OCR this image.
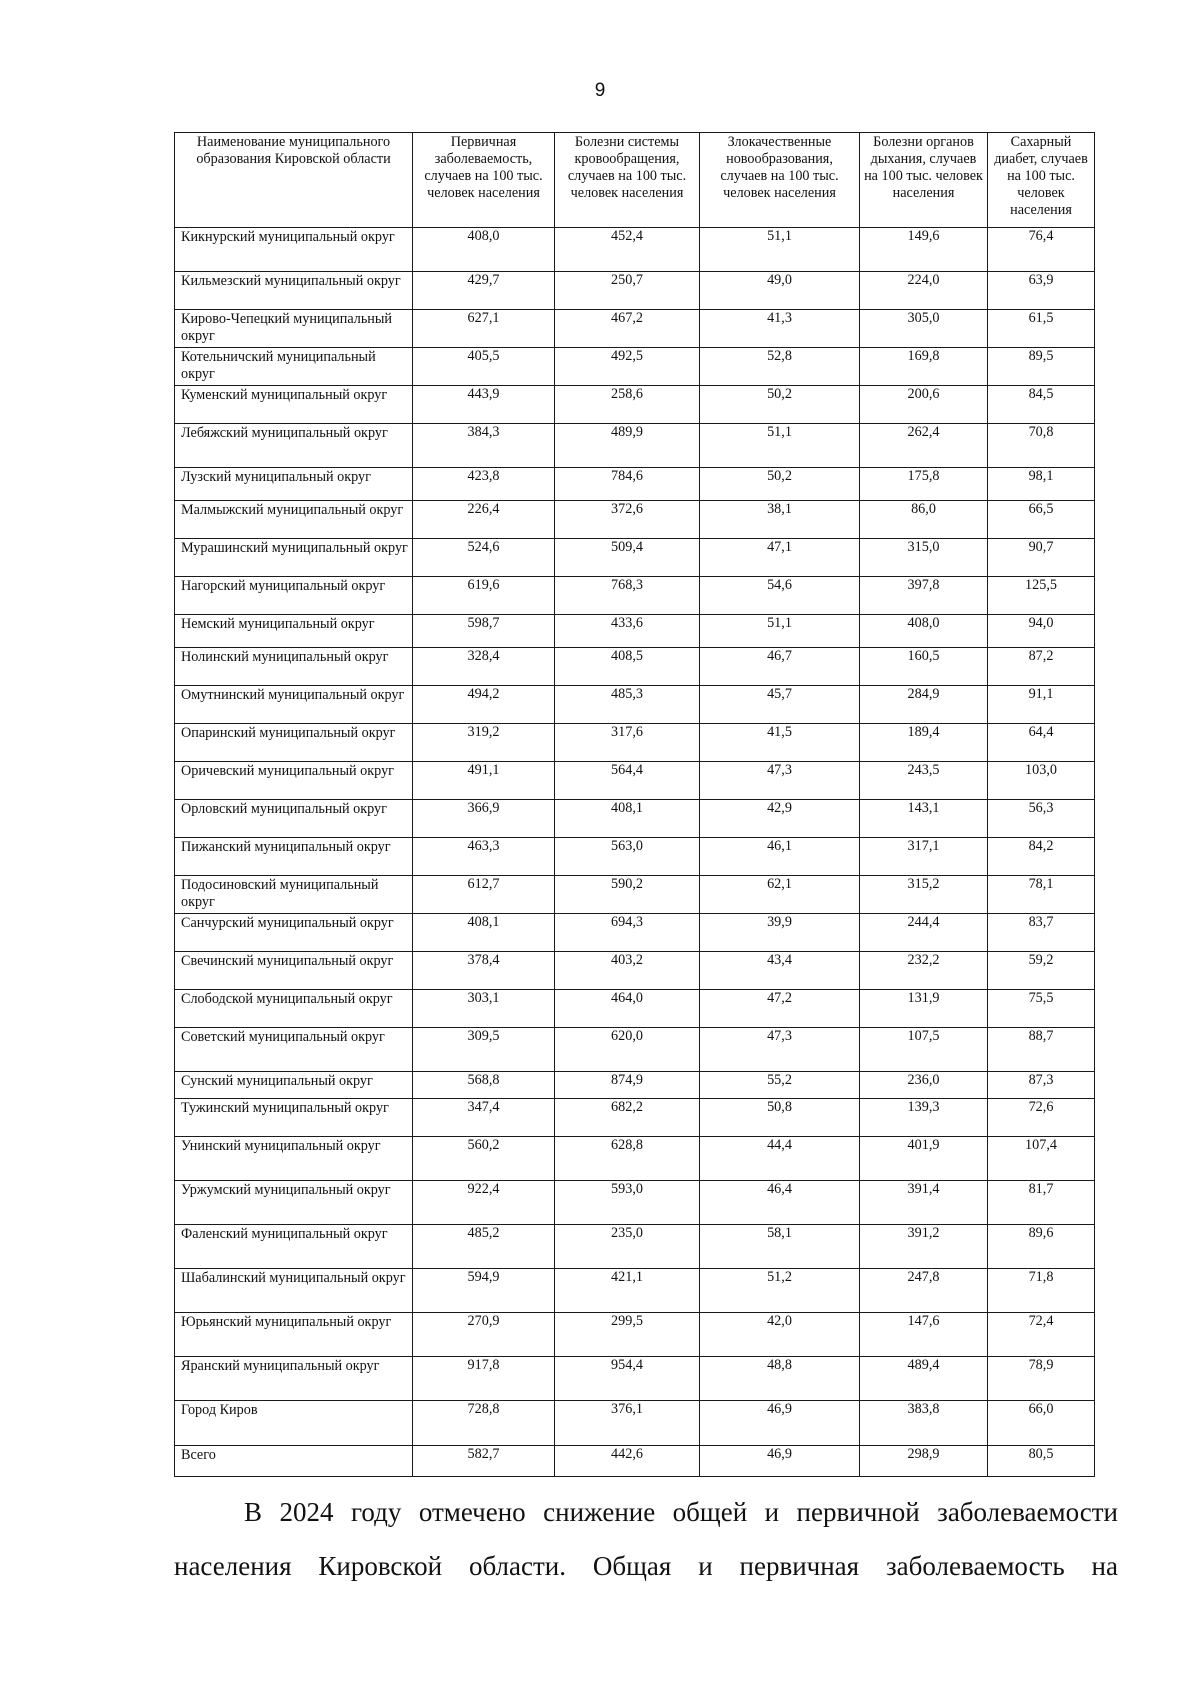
9
Наименование муниципального образования Кировской области	Первичная заболеваемость, случаев на 100 тыс. человек населения	Болезни системы кровообращения, случаев на 100 тыс. человек населения	Злокачественные новообразования, случаев на 100 тыс. человек населения	Болезни органов дыхания, случаев на 100 тыс. человек населения	Сахарный диабет, случаев на 100 тыс. человек населения
Кикнурский муниципальный округ	408,0	452,4	51,1	149,6	76,4
Кильмезский муниципальный округ	429,7	250,7	49,0	224,0	63,9
Кирово-Чепецкий муниципальный округ	627,1	467,2	41,3	305,0	61,5
Котельничский муниципальный округ	405,5	492,5	52,8	169,8	89,5
Куменский муниципальный округ	443,9	258,6	50,2	200,6	84,5
Лебяжский муниципальный округ	384,3	489,9	51,1	262,4	70,8
Лузский муниципальный округ	423,8	784,6	50,2	175,8	98,1
Малмыжский муниципальный округ	226,4	372,6	38,1	86,0	66,5
Мурашинский муниципальный округ	524,6	509,4	47,1	315,0	90,7
Нагорский муниципальный округ	619,6	768,3	54,6	397,8	125,5
Немский муниципальный округ	598,7	433,6	51,1	408,0	94,0
Нолинский муниципальный округ	328,4	408,5	46,7	160,5	87,2
Омутнинский муниципальный округ	494,2	485,3	45,7	284,9	91,1
Опаринский муниципальный округ	319,2	317,6	41,5	189,4	64,4
Оричевский муниципальный округ	491,1	564,4	47,3	243,5	103,0
Орловский муниципальный округ	366,9	408,1	42,9	143,1	56,3
Пижанский муниципальный округ	463,3	563,0	46,1	317,1	84,2
Подосиновский муниципальный округ	612,7	590,2	62,1	315,2	78,1
Санчурский муниципальный округ	408,1	694,3	39,9	244,4	83,7
Свечинский муниципальный округ	378,4	403,2	43,4	232,2	59,2
Слободской муниципальный округ	303,1	464,0	47,2	131,9	75,5
Советский муниципальный округ	309,5	620,0	47,3	107,5	88,7
Сунский муниципальный округ	568,8	874,9	55,2	236,0	87,3
Тужинский муниципальный округ	347,4	682,2	50,8	139,3	72,6
Унинский муниципальный округ	560,2	628,8	44,4	401,9	107,4
Уржумский муниципальный округ	922,4	593,0	46,4	391,4	81,7
Фаленский муниципальный округ	485,2	235,0	58,1	391,2	89,6
Шабалинский муниципальный округ	594,9	421,1	51,2	247,8	71,8
Юрьянский муниципальный округ	270,9	299,5	42,0	147,6	72,4
Яранский муниципальный округ	917,8	954,4	48,8	489,4	78,9
Город Киров	728,8	376,1	46,9	383,8	66,0
Всего	582,7	442,6	46,9	298,9	80,5
В 2024 году отмечено снижение общей и первичной заболеваемости
населения Кировской области. Общая и первичная заболеваемость на
